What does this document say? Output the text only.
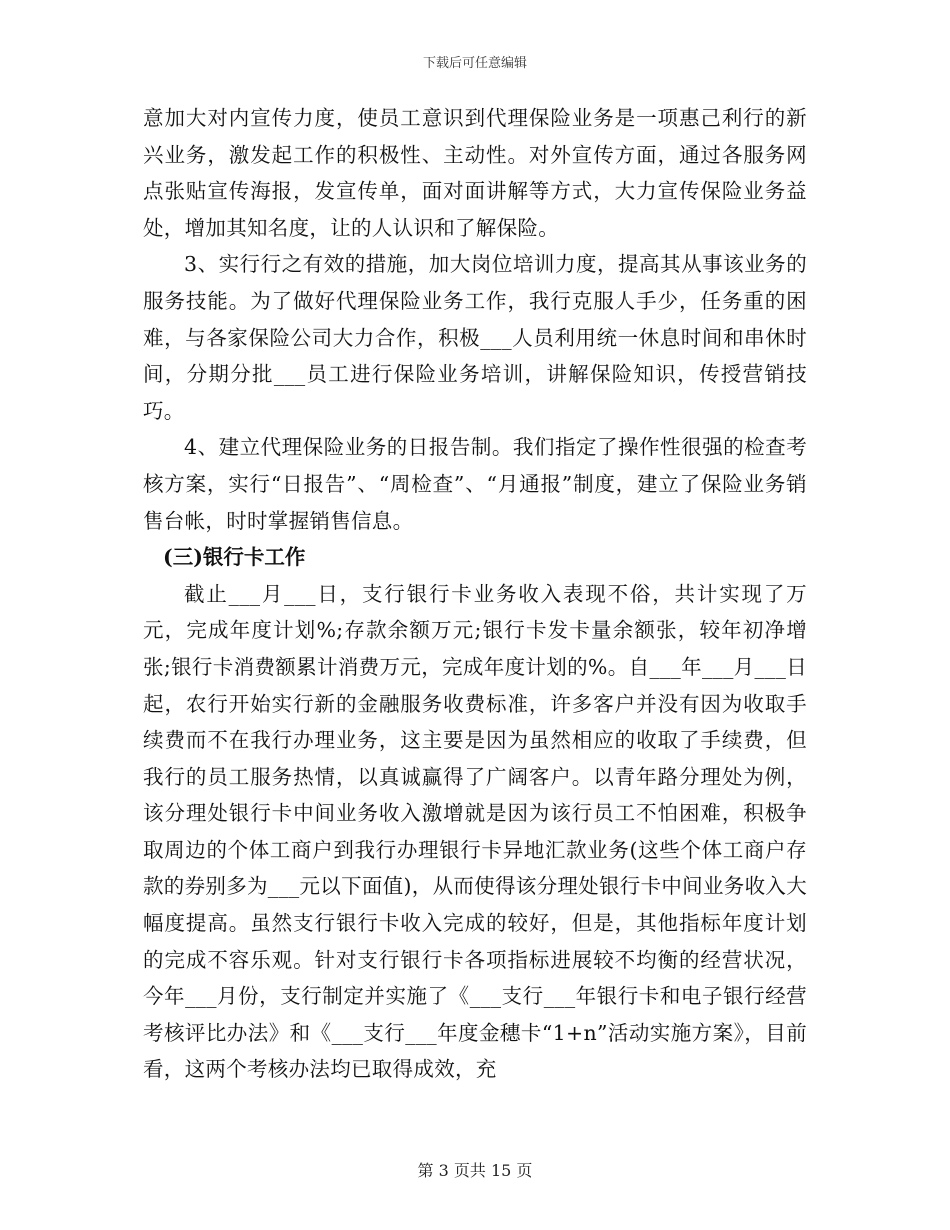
下载后可任意编辑

意加大对内宣传力度，使员工意识到代理保险业务是一项惠己利行的新兴业务，激发起工作的积极性、主动性。对外宣传方面，通过各服务网点张贴宣传海报，发宣传单，面对面讲解等方式，大力宣传保险业务益处，增加其知名度，让的人认识和了解保险。

3、实行行之有效的措施，加大岗位培训力度，提高其从事该业务的服务技能。为了做好代理保险业务工作，我行克服人手少，任务重的困难，与各家保险公司大力合作，积极___人员利用统一休息时间和串休时间，分期分批___员工进行保险业务培训，讲解保险知识，传授营销技巧。

4、建立代理保险业务的日报告制。我们指定了操作性很强的检查考核方案，实行“日报告”、“周检查”、“月通报”制度，建立了保险业务销售台帐，时时掌握销售信息。

(三)银行卡工作

截止___月___日，支行银行卡业务收入表现不俗，共计实现了万元，完成年度计划%;存款余额万元;银行卡发卡量余额张，较年初净增张;银行卡消费额累计消费万元，完成年度计划的%。自___年___月___日起，农行开始实行新的金融服务收费标准，许多客户并没有因为收取手续费而不在我行办理业务，这主要是因为虽然相应的收取了手续费，但我行的员工服务热情，以真诚赢得了广阔客户。以青年路分理处为例，该分理处银行卡中间业务收入激增就是因为该行员工不怕困难，积极争取周边的个体工商户到我行办理银行卡异地汇款业务(这些个体工商户存款的券别多为___元以下面值)，从而使得该分理处银行卡中间业务收入大幅度提高。虽然支行银行卡收入完成的较好，但是，其他指标年度计划的完成不容乐观。针对支行银行卡各项指标进展较不均衡的经营状况，今年___月份，支行制定并实施了《___支行___年银行卡和电子银行经营考核评比办法》和《___支行___年度金穗卡“1+n”活动实施方案》，目前看，这两个考核办法均已取得成效，充

第 3 页共 15 页
